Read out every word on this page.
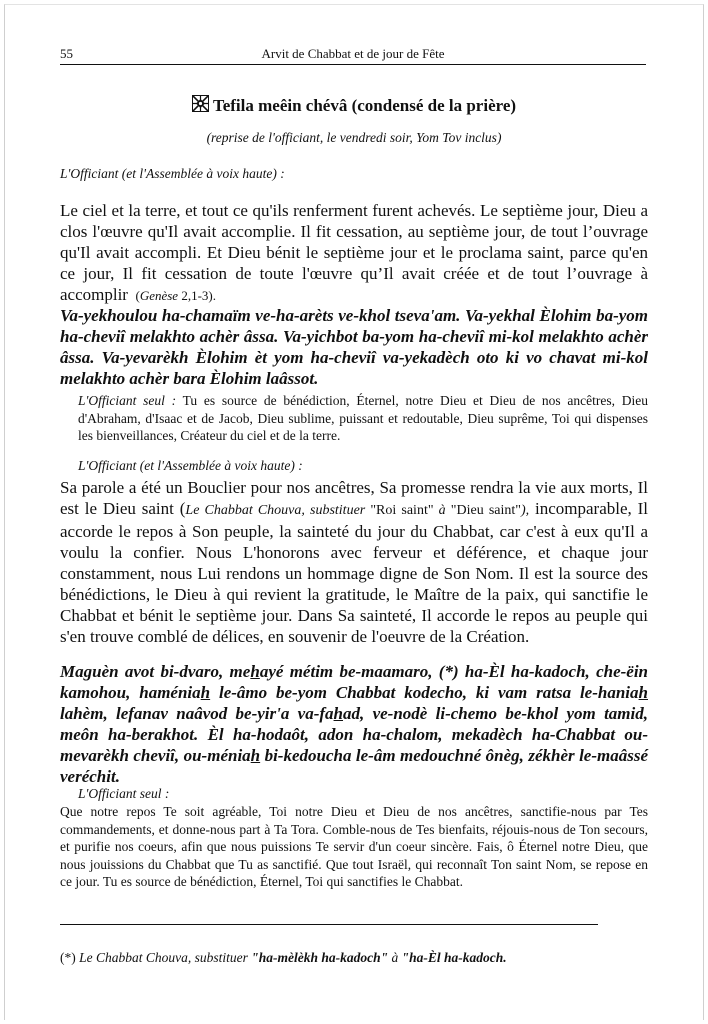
55	Arvit de Chabbat et de jour de Fête
Tefila meêin chévâ (condensé de la prière)
(reprise de l'officiant, le vendredi soir, Yom Tov inclus)
L'Officiant (et l'Assemblée à voix haute) :
Le ciel et la terre, et tout ce qu'ils renferment furent achevés. Le septième jour, Dieu a clos l'œuvre qu'Il avait accomplie. Il fit cessation, au septième jour, de tout l’ouvrage qu'Il avait accompli. Et Dieu bénit le septième jour et le proclama saint, parce qu'en ce jour, Il fit cessation de toute l'œuvre qu’Il avait créée et de tout l’ouvrage à accomplir (Genèse 2,1-3).
Va-yekhoulou ha-chamaïm ve-ha-arèts ve-khol tseva'am. Va-yekhal Èlohim ba-yom ha-cheviî melakhto achèr âssa. Va-yichbot ba-yom ha-cheviî mi-kol melakhto achèr âssa. Va-yevarèkh Èlohim èt yom ha-cheviî va-yekadèch oto ki vo chavat mi-kol melakhto achèr bara Èlohim laâssot.
L'Officiant seul : Tu es source de bénédiction, Éternel, notre Dieu et Dieu de nos ancêtres, Dieu d'Abraham, d'Isaac et de Jacob, Dieu sublime, puissant et redoutable, Dieu suprême, Toi qui dispenses les bienveillances, Créateur du ciel et de la terre.
L'Officiant (et l'Assemblée à voix haute) :
Sa parole a été un Bouclier pour nos ancêtres, Sa promesse rendra la vie aux morts, Il est le Dieu saint (Le Chabbat Chouva, substituer "Roi saint" à "Dieu saint"), incomparable, Il accorde le repos à Son peuple, la sainteté du jour du Chabbat, car c'est à eux qu'Il a voulu la confier. Nous L'honorons avec ferveur et déférence, et chaque jour constamment, nous Lui rendons un hommage digne de Son Nom. Il est la source des bénédictions, le Dieu à qui revient la gratitude, le Maître de la paix, qui sanctifie le Chabbat et bénit le septième jour. Dans Sa sainteté, Il accorde le repos au peuple qui s'en trouve comblé de délices, en souvenir de l'oeuvre de la Création.
Maguèn avot bi-dvaro, mehayé métim be-maamaro, (*) ha-Èl ha-kadoch, che-ëin kamohou, haméniah le-âmo be-yom Chabbat kodecho, ki vam ratsa le-haniah lahèm, lefanav naâvod be-yir'a va-fahad, ve-nodè li-chemo be-khol yom tamid, meôn ha-berakhot. Èl ha-hodaôt, adon ha-chalom, mekadèch ha-Chabbat ou-mevarèkh cheviî, ou-méniah bi-kedoucha le-âm medouchné ônèg, zékhèr le-maâssé veréchit.
L'Officiant seul :
Que notre repos Te soit agréable, Toi notre Dieu et Dieu de nos ancêtres, sanctifie-nous par Tes commandements, et donne-nous part à Ta Tora. Comble-nous de Tes bienfaits, réjouis-nous de Ton secours, et purifie nos coeurs, afin que nous puissions Te servir d'un coeur sincère. Fais, ô Éternel notre Dieu, que nous jouissions du Chabbat que Tu as sanctifié. Que tout Israël, qui reconnaît Ton saint Nom, se repose en ce jour. Tu es source de bénédiction, Éternel, Toi qui sanctifies le Chabbat.
(*) Le Chabbat Chouva, substituer "ha-mèlèkh ha-kadoch" à "ha-Èl ha-kadoch.
